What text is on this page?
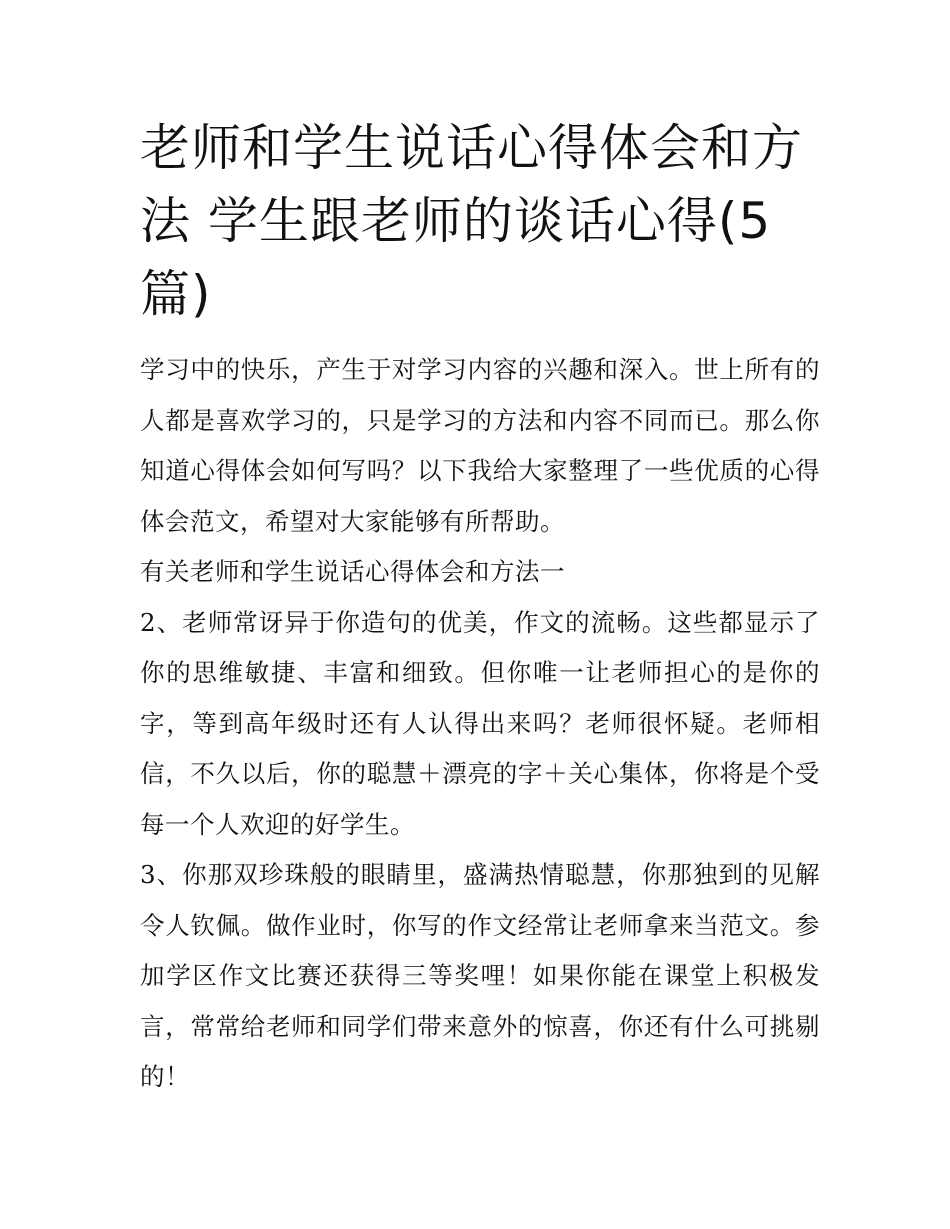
老师和学生说话心得体会和方法 学生跟老师的谈话心得(5篇)

学习中的快乐，产生于对学习内容的兴趣和深入。世上所有的人都是喜欢学习的，只是学习的方法和内容不同而已。那么你知道心得体会如何写吗？以下我给大家整理了一些优质的心得体会范文，希望对大家能够有所帮助。

有关老师和学生说话心得体会和方法一

2、老师常讶异于你造句的优美，作文的流畅。这些都显示了你的思维敏捷、丰富和细致。但你唯一让老师担心的是你的字，等到高年级时还有人认得出来吗？老师很怀疑。老师相信，不久以后，你的聪慧＋漂亮的字＋关心集体，你将是个受每一个人欢迎的好学生。

3、你那双珍珠般的眼睛里，盛满热情聪慧，你那独到的见解令人钦佩。做作业时，你写的作文经常让老师拿来当范文。参加学区作文比赛还获得三等奖哩！如果你能在课堂上积极发言，常常给老师和同学们带来意外的惊喜，你还有什么可挑剔的！
